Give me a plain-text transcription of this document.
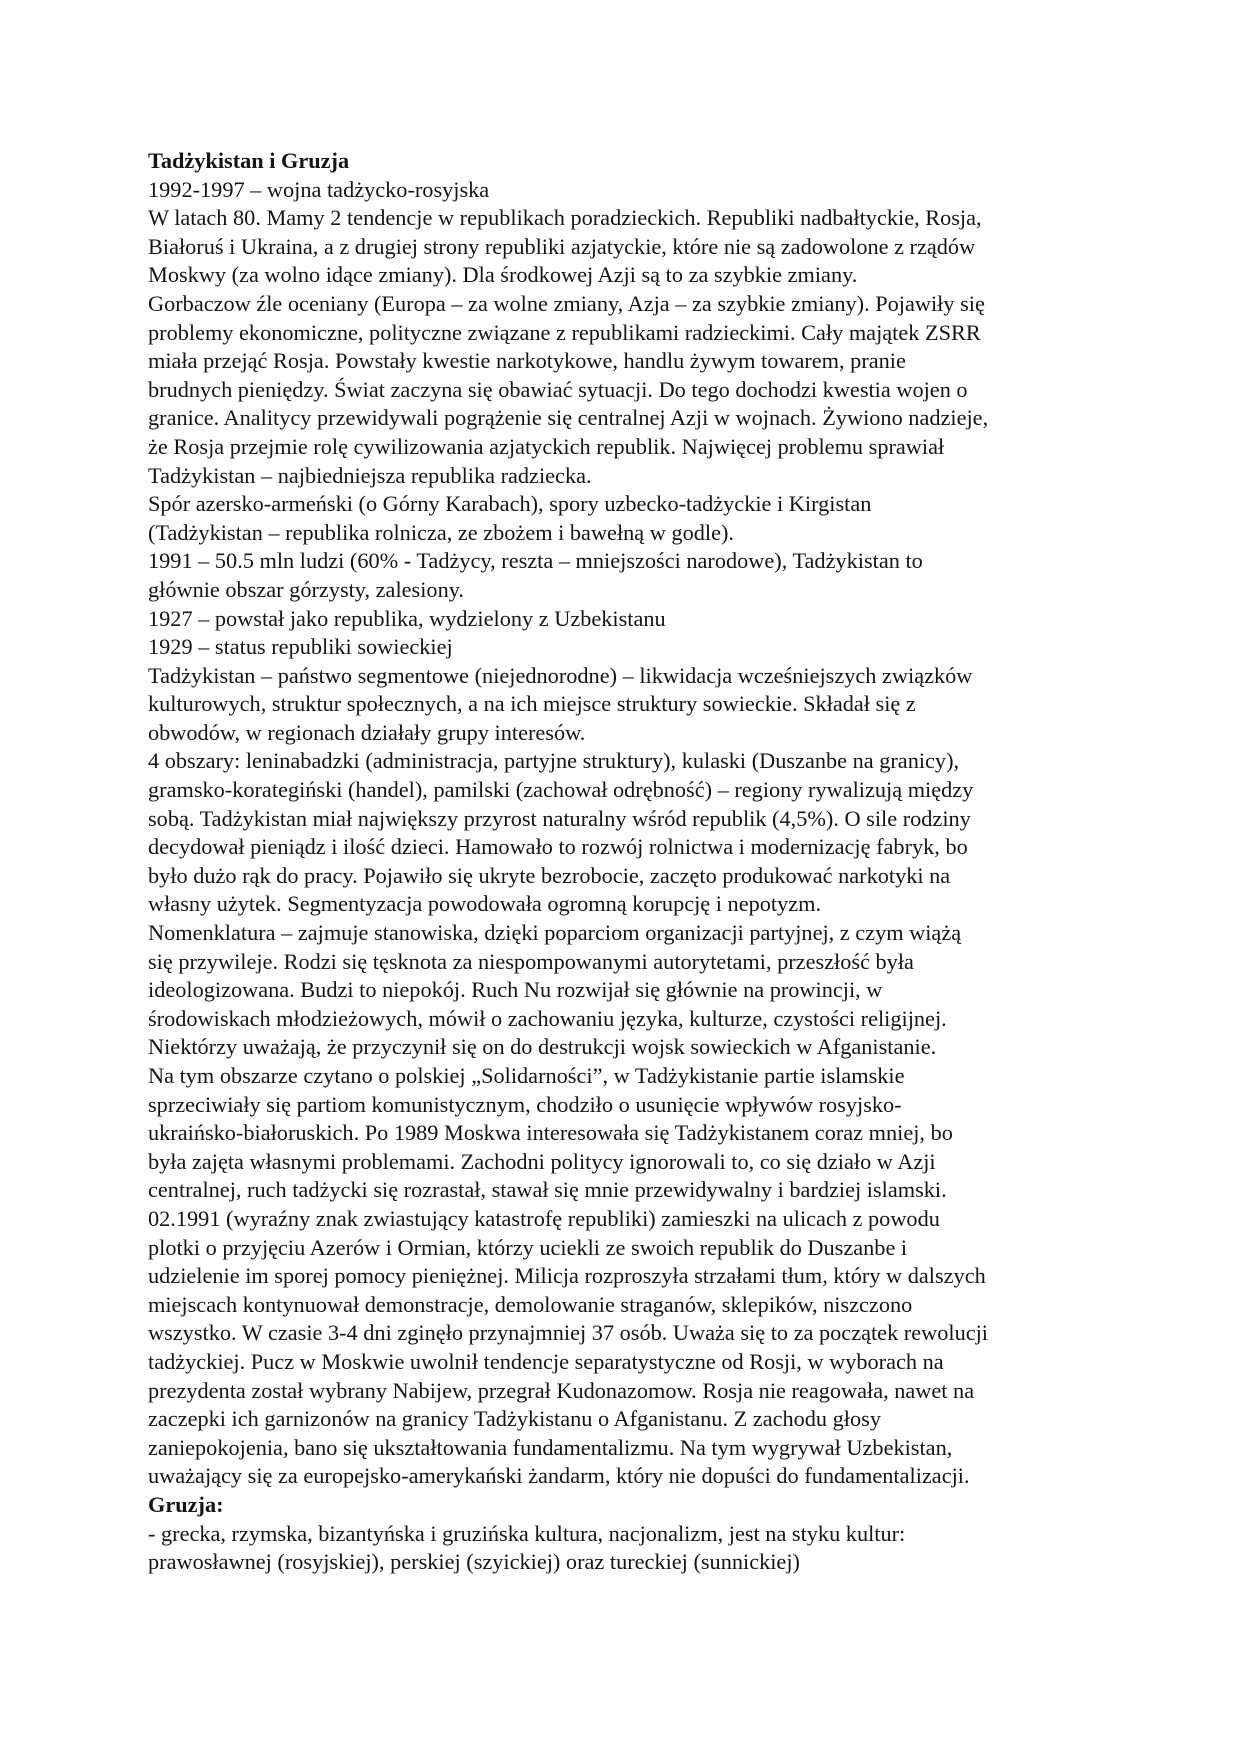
Tadżykistan i Gruzja
1992-1997 – wojna tadżycko-rosyjska
W latach 80. Mamy 2 tendencje w republikach poradzieckich. Republiki nadbałtyckie, Rosja,
Białoruś i Ukraina, a z drugiej strony republiki azjatyckie, które nie są zadowolone z rządów
Moskwy (za wolno idące zmiany). Dla środkowej Azji są to za szybkie zmiany.
Gorbaczow źle oceniany (Europa – za wolne zmiany, Azja – za szybkie zmiany). Pojawiły się
problemy ekonomiczne, polityczne związane z republikami radzieckimi. Cały majątek ZSRR
miała przejąć Rosja. Powstały kwestie narkotykowe, handlu żywym towarem, pranie
brudnych pieniędzy. Świat zaczyna się obawiać sytuacji. Do tego dochodzi kwestia wojen o
granice. Analitycy przewidywali pogrążenie się centralnej Azji w wojnach. Żywiono nadzieje,
że Rosja przejmie rolę cywilizowania azjatyckich republik. Najwięcej problemu sprawiał
Tadżykistan – najbiedniejsza republika radziecka.
Spór azersko-armeński (o Górny Karabach), spory uzbecko-tadżyckie i Kirgistan
(Tadżykistan – republika rolnicza, ze zbożem i bawełną w godle).
1991 – 50.5 mln ludzi (60% - Tadżycy, reszta – mniejszości narodowe), Tadżykistan to
głównie obszar górzysty, zalesiony.
1927 – powstał jako republika, wydzielony z Uzbekistanu
1929 – status republiki sowieckiej
Tadżykistan – państwo segmentowe (niejednorodne) – likwidacja wcześniejszych związków
kulturowych, struktur społecznych, a na ich miejsce struktury sowieckie. Składał się z
obwodów, w regionach działały grupy interesów.
4 obszary: leninabadzki (administracja, partyjne struktury), kulaski (Duszanbe na granicy),
gramsko-korategiński (handel), pamilski (zachował odrębność) – regiony rywalizują między
sobą. Tadżykistan miał największy przyrost naturalny wśród republik (4,5%). O sile rodziny
decydował pieniądz i ilość dzieci. Hamowało to rozwój rolnictwa i modernizację fabryk, bo
było dużo rąk do pracy. Pojawiło się ukryte bezrobocie, zaczęto produkować narkotyki na
własny użytek. Segmentyzacja powodowała ogromną korupcję i nepotyzm.
Nomenklatura – zajmuje stanowiska, dzięki poparciom organizacji partyjnej, z czym wiążą
się przywileje. Rodzi się tęsknota za niespompowanymi autorytetami, przeszłość była
ideologizowana. Budzi to niepokój. Ruch Nu rozwijał się głównie na prowincji, w
środowiskach młodzieżowych, mówił o zachowaniu języka, kulturze, czystości religijnej.
Niektórzy uważają, że przyczynił się on do destrukcji wojsk sowieckich w Afganistanie.
Na tym obszarze czytano o polskiej „Solidarności”, w Tadżykistanie partie islamskie
sprzeciwiały się partiom komunistycznym, chodziło o usunięcie wpływów rosyjsko-
ukraińsko-białoruskich. Po 1989 Moskwa interesowała się Tadżykistanem coraz mniej, bo
była zajęta własnymi problemami. Zachodni politycy ignorowali to, co się działo w Azji
centralnej, ruch tadżycki się rozrastał, stawał się mnie przewidywalny i bardziej islamski.
02.1991 (wyraźny znak zwiastujący katastrofę republiki) zamieszki na ulicach z powodu
plotki o przyjęciu Azerów i Ormian, którzy uciekli ze swoich republik do Duszanbe i
udzielenie im sporej pomocy pieniężnej. Milicja rozproszyła strzałami tłum, który w dalszych
miejscach kontynuował demonstracje, demolowanie straganów, sklepików, niszczono
wszystko. W czasie 3-4 dni zginęło przynajmniej 37 osób. Uważa się to za początek rewolucji
tadżyckiej. Pucz w Moskwie uwolnił tendencje separatystyczne od Rosji, w wyborach na
prezydenta został wybrany Nabijew, przegrał Kudonazomow. Rosja nie reagowała, nawet na
zaczepki ich garnizonów na granicy Tadżykistanu o Afganistanu. Z zachodu głosy
zaniepokojenia, bano się ukształtowania fundamentalizmu. Na tym wygrywał Uzbekistan,
uważający się za europejsko-amerykański żandarm, który nie dopuści do fundamentalizacji.
Gruzja:
- grecka, rzymska, bizantyńska i gruzińska kultura, nacjonalizm, jest na styku kultur:
prawosławnej (rosyjskiej), perskiej (szyickiej) oraz tureckiej (sunnickiej)
